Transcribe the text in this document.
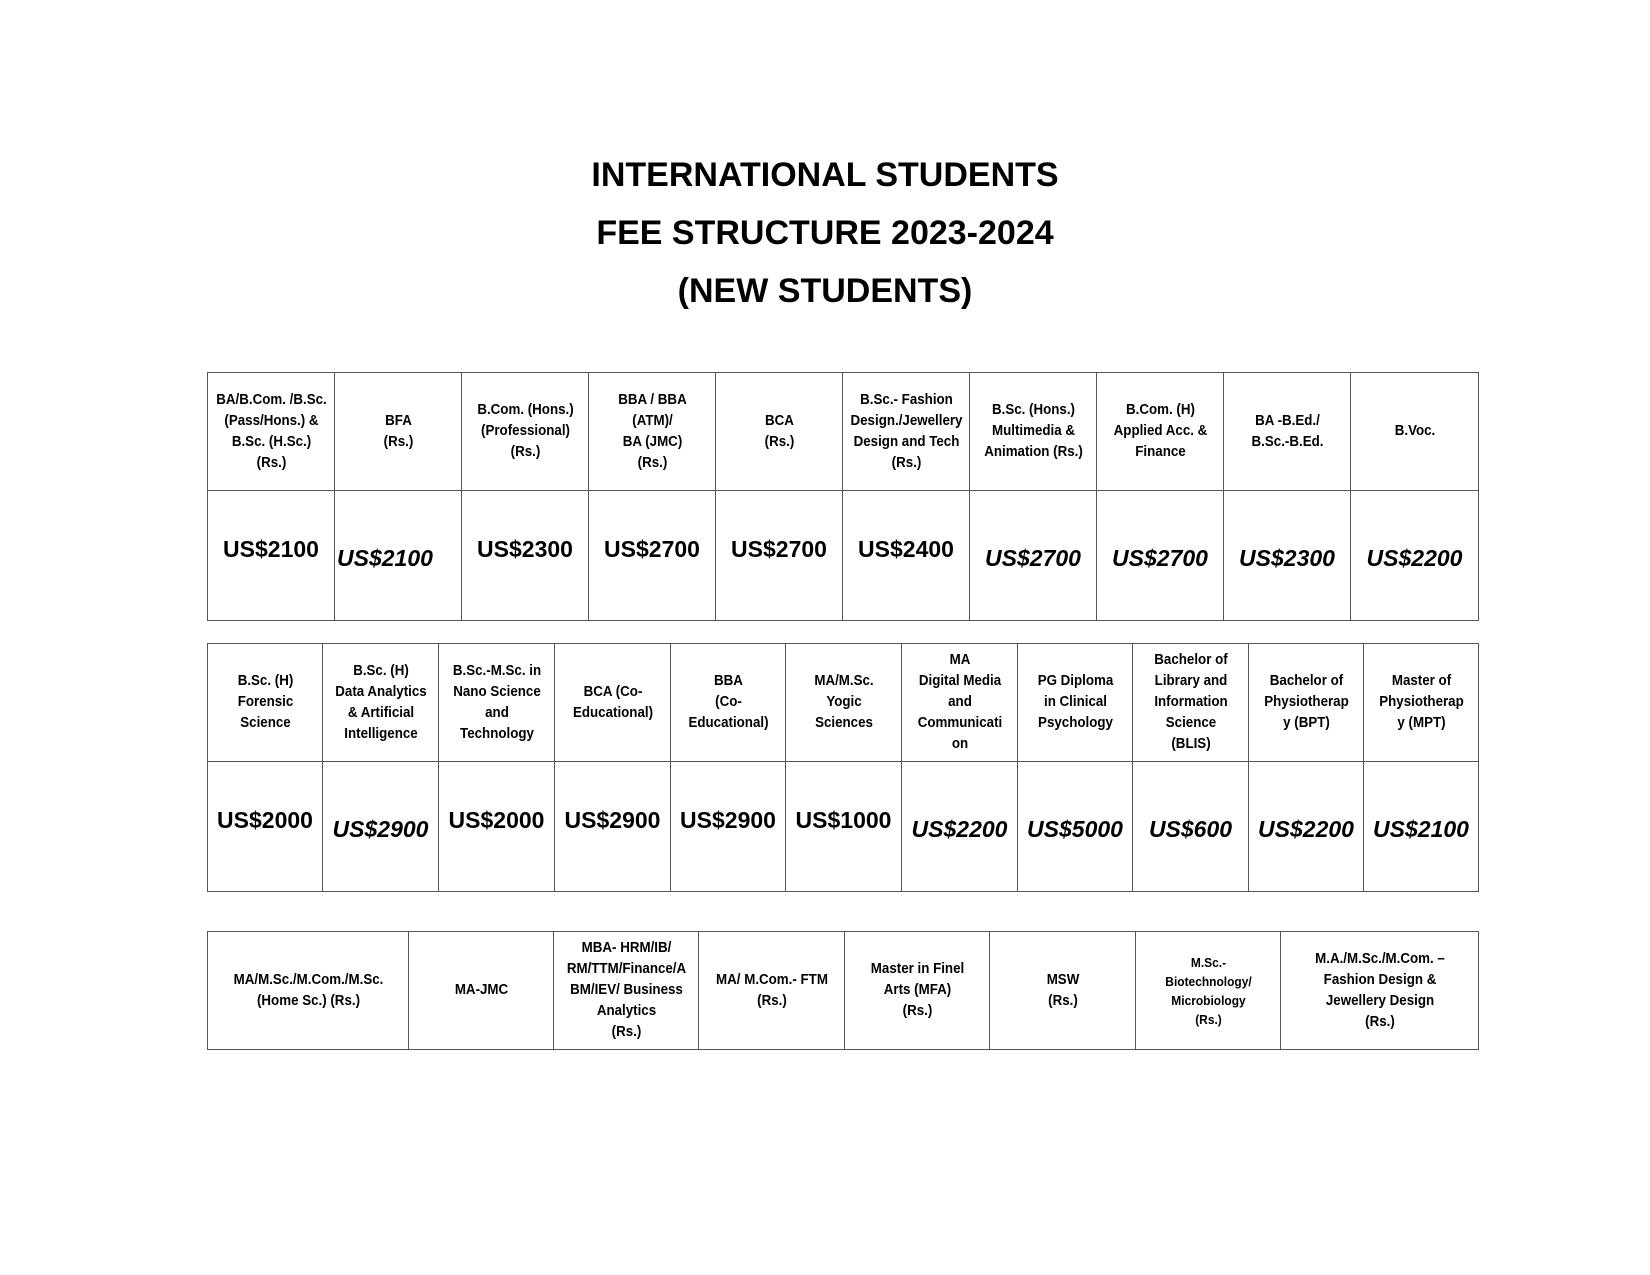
INTERNATIONAL STUDENTS

FEE STRUCTURE 2023-2024

(NEW STUDENTS)

BA/B.Com. /B.Sc.
(Pass/Hons.) &
B.Sc. (H.Sc.)
(Rs.)	BFA
(Rs.)	B.Com. (Hons.)
(Professional)
(Rs.)	BBA / BBA
(ATM)/
BA (JMC)
(Rs.)	BCA
(Rs.)	B.Sc.- Fashion
Design./Jewellery
Design and Tech
(Rs.)	B.Sc. (Hons.)
Multimedia &
Animation (Rs.)	B.Com. (H)
Applied Acc. &
Finance	BA -B.Ed./
B.Sc.-B.Ed.	B.Voc.

US$2100	US$2100	US$2300	US$2700	US$2700	US$2400	US$2700	US$2700	US$2300	US$2200
B.Sc. (H)
Forensic
Science	B.Sc. (H)
Data Analytics
& Artificial
Intelligence	B.Sc.-M.Sc. in
Nano Science
and
Technology	BCA (Co-
Educational)	BBA
(Co-
Educational)	MA/M.Sc.
Yogic
Sciences	MA
Digital Media
and
Communicati
on	PG Diploma
in Clinical
Psychology	Bachelor of
Library and
Information
Science
(BLIS)	Bachelor of
Physiotherap
y (BPT)	Master of
Physiotherap
y (MPT)

US$2000	US$2900	US$2000	US$2900	US$2900	US$1000	US$2200	US$5000	US$600	US$2200	US$2100
MA/M.Sc./M.Com./M.Sc.
(Home Sc.) (Rs.)

MA-JMC

MBA- HRM/IB/
RM/TTM/Finance/A
BM/IEV/ Business
Analytics
(Rs.)

MA/ M.Com.- FTM
(Rs.)

Master in Finel
Arts (MFA)
(Rs.)

MSW
(Rs.)

M.Sc.-
Biotechnology/
Microbiology
(Rs.)

M.A./M.Sc./M.Com. –
Fashion Design &
Jewellery Design
(Rs.)
